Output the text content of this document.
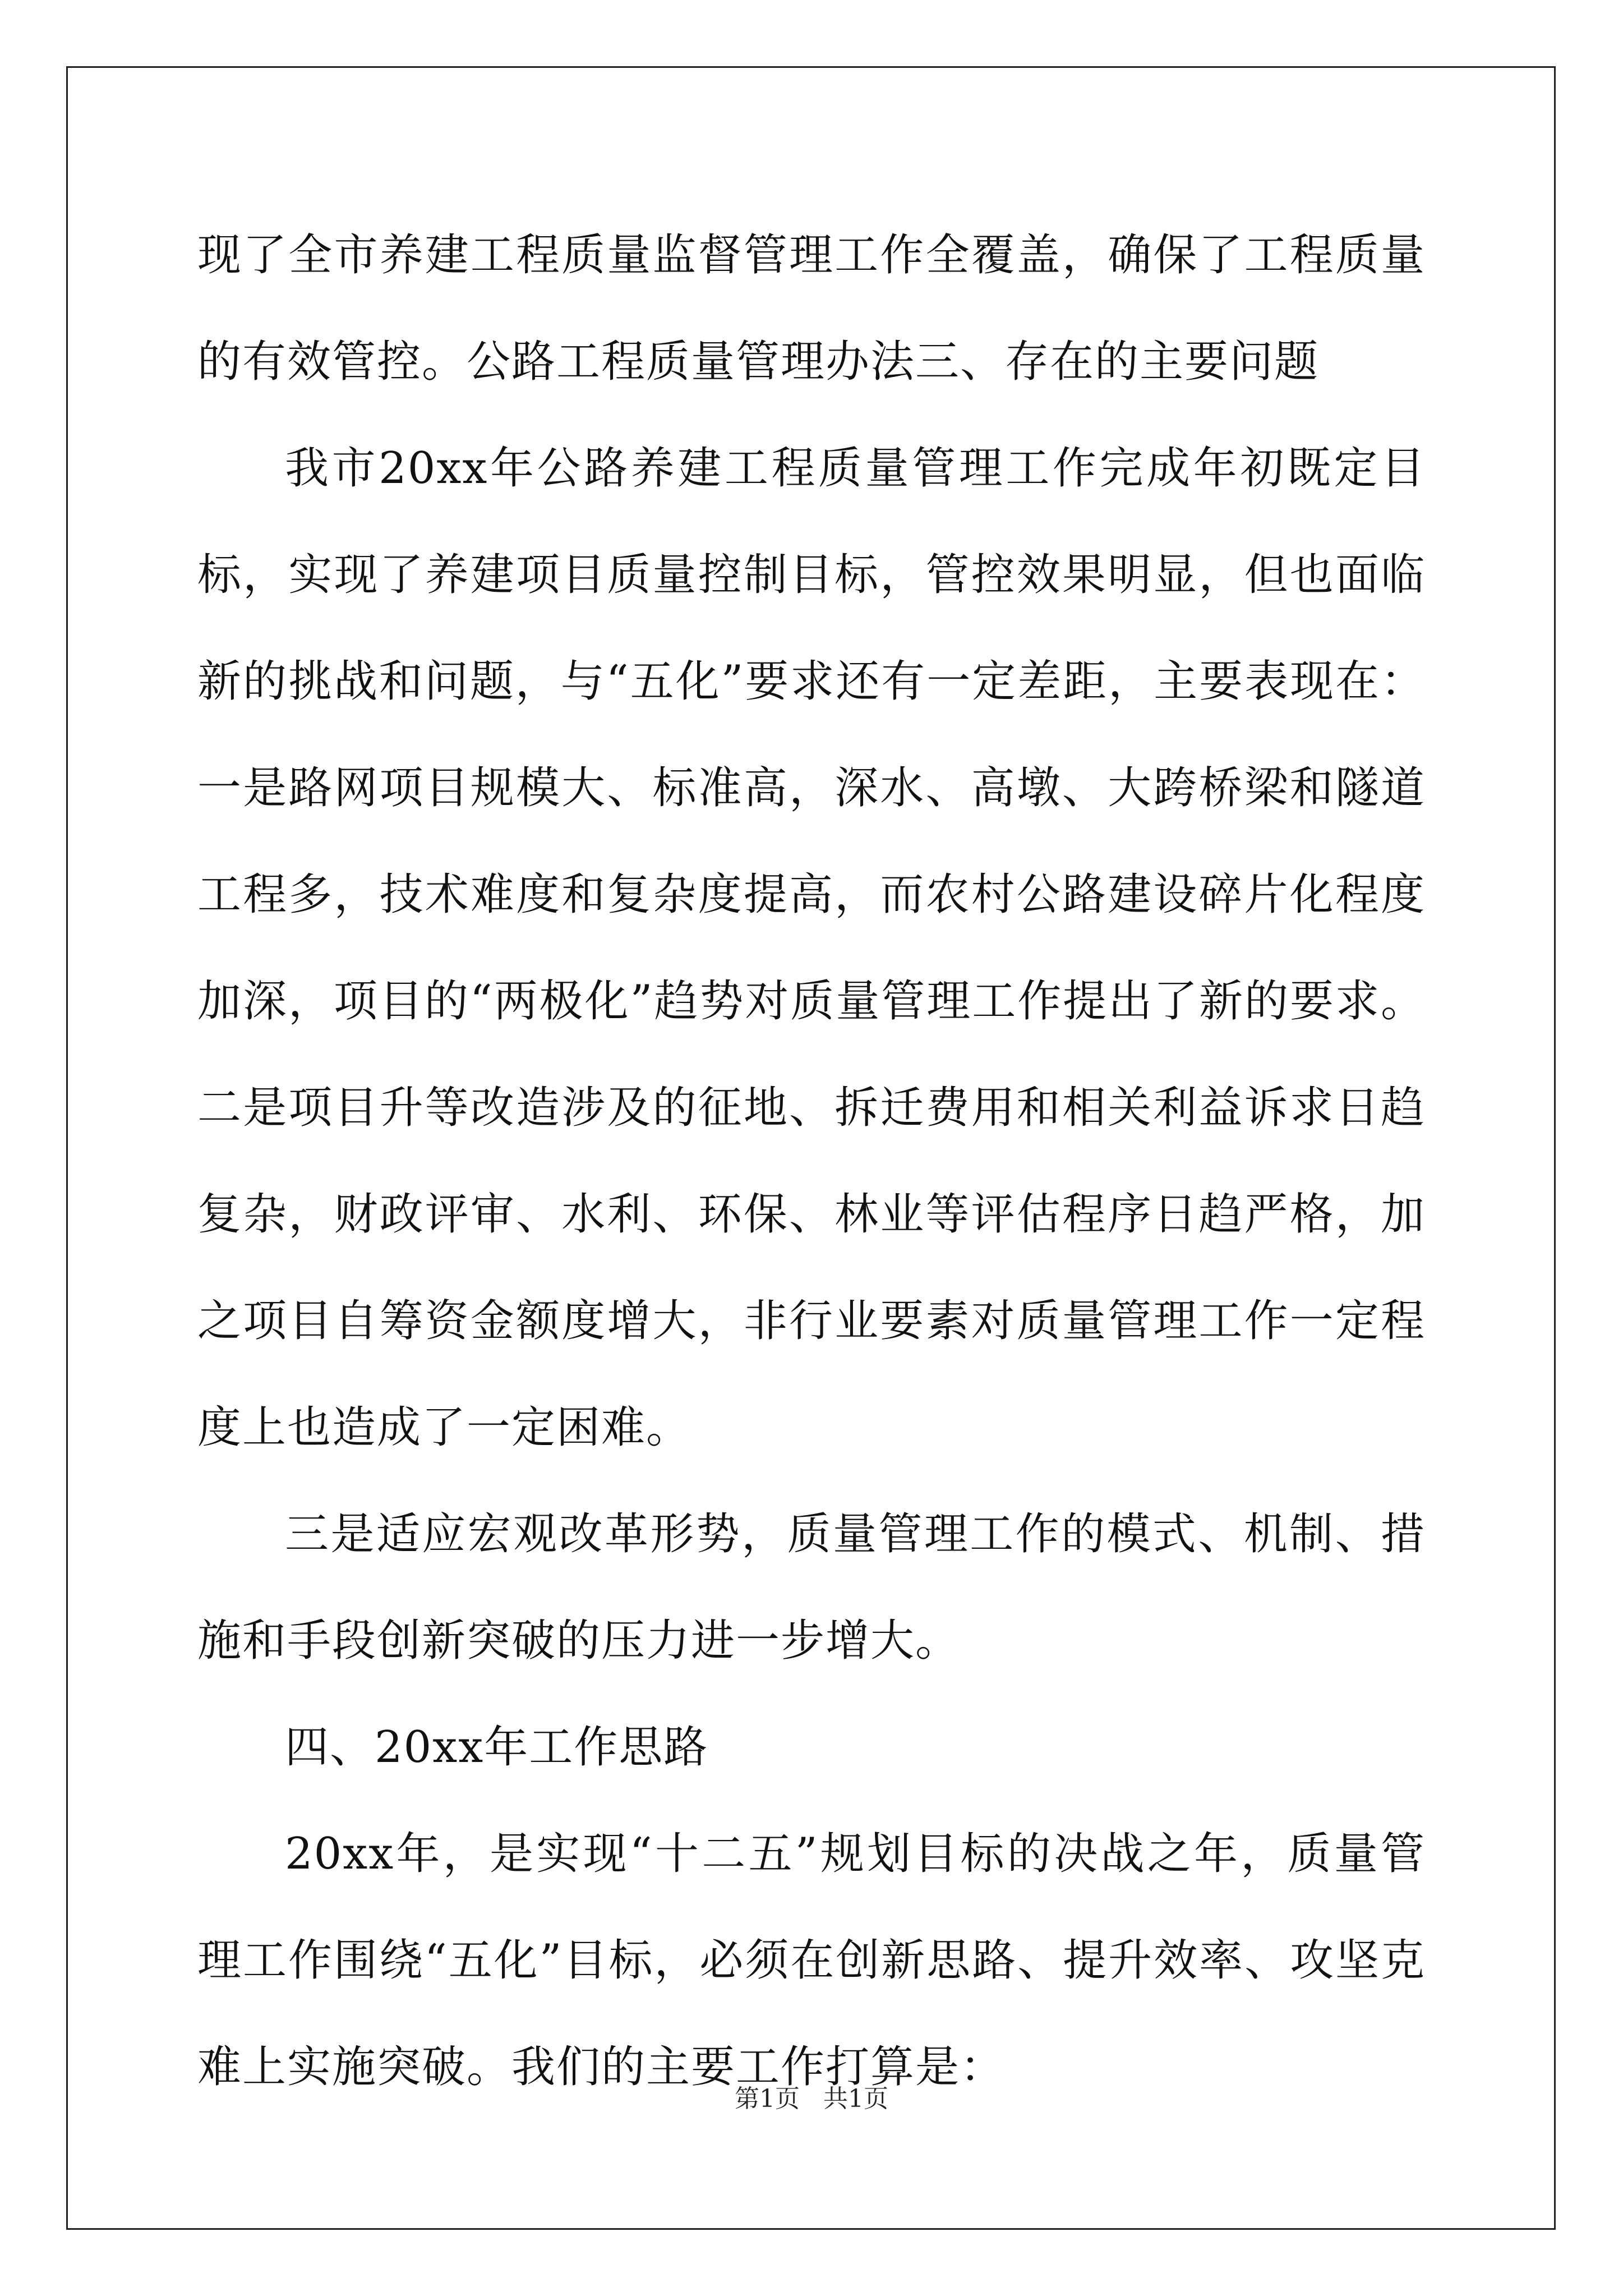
现了全市养建工程质量监督管理工作全覆盖，确保了工程质量的有效管控。公路工程质量管理办法三、存在的主要问题

我市20xx年公路养建工程质量管理工作完成年初既定目标，实现了养建项目质量控制目标，管控效果明显，但也面临新的挑战和问题，与“五化”要求还有一定差距，主要表现在：一是路网项目规模大、标准高，深水、高墩、大跨桥梁和隧道工程多，技术难度和复杂度提高，而农村公路建设碎片化程度加深，项目的“两极化”趋势对质量管理工作提出了新的要求。二是项目升等改造涉及的征地、拆迁费用和相关利益诉求日趋复杂，财政评审、水利、环保、林业等评估程序日趋严格，加之项目自筹资金额度增大，非行业要素对质量管理工作一定程度上也造成了一定困难。

三是适应宏观改革形势，质量管理工作的模式、机制、措施和手段创新突破的压力进一步增大。

四、20xx年工作思路

20xx年，是实现“十二五”规划目标的决战之年，质量管理工作围绕“五化”目标，必须在创新思路、提升效率、攻坚克难上实施突破。我们的主要工作打算是：

第1页 共1页
